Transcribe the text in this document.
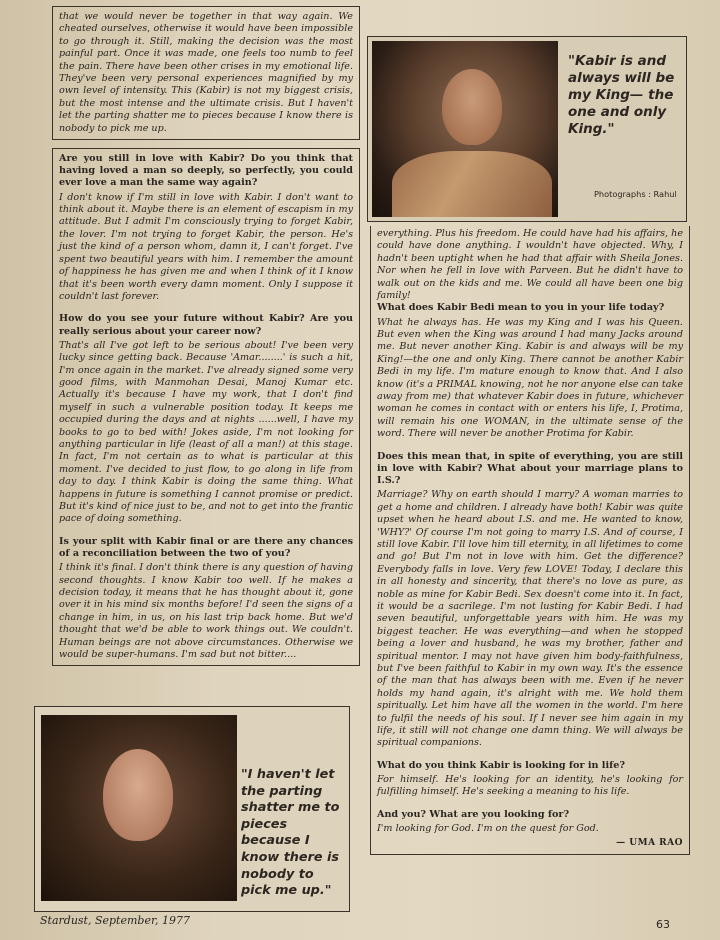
that we would never be together in that way again. We cheated ourselves, otherwise it would have been impossible to go through it. Still, making the decision was the most painful part. Once it was made, one feels too numb to feel the pain. There have been other crises in my emotional life. They've been very personal experiences magnified by my own level of intensity. This (Kabir) is not my biggest crisis, but the most intense and the ultimate crisis. But I haven't let the parting shatter me to pieces because I know there is nobody to pick me up.

Are you still in love with Kabir? Do you think that having loved a man so deeply, so perfectly, you could ever love a man the same way again?

I don't know if I'm still in love with Kabir. I don't want to think about it. Maybe there is an element of escapism in my attitude. But I admit I'm consciously trying to forget Kabir, the lover. I'm not trying to forget Kabir, the person. He's just the kind of a person whom, damn it, I can't forget. I've spent two beautiful years with him. I remember the amount of happiness he has given me and when I think of it I know that it's been worth every damn moment. Only I suppose it couldn't last forever.

How do you see your future without Kabir? Are you really serious about your career now?

That's all I've got left to be serious about! I've been very lucky since getting back. Because 'Amar........' is such a hit, I'm once again in the market. I've already signed some very good films, with Manmohan Desai, Manoj Kumar etc. Actually it's because I have my work, that I don't find myself in such a vulnerable position today. It keeps me occupied during the days and at nights ......well, I have my books to go to bed with! Jokes aside, I'm not looking for anything particular in life (least of all a man!) at this stage. In fact, I'm not certain as to what is particular at this moment. I've decided to just flow, to go along in life from day to day. I think Kabir is doing the same thing. What happens in future is something I cannot promise or predict. But it's kind of nice just to be, and not to get into the frantic pace of doing something.

Is your split with Kabir final or are there any chances of a reconciliation between the two of you?

I think it's final. I don't think there is any question of having second thoughts. I know Kabir too well. If he makes a decision today, it means that he has thought about it, gone over it in his mind six months before! I'd seen the signs of a change in him, in us, on his last trip back home. But we'd thought that we'd be able to work things out. We couldn't. Human beings are not above circumstances. Otherwise we would be super-humans. I'm sad but not bitter....

"Kabir is and always will be my King— the one and only King."
Photographs : Rahul

everything. Plus his freedom. He could have had his affairs, he could have done anything. I wouldn't have objected. Why, I hadn't been uptight when he had that affair with Sheila Jones. Nor when he fell in love with Parveen. But he didn't have to walk out on the kids and me. We could all have been one big family!

What does Kabir Bedi mean to you in your life today?

What he always has. He was my King and I was his Queen. But even when the King was around I had many Jacks around me. But never another King. Kabir is and always will be my King!—the one and only King. There cannot be another Kabir Bedi in my life. I'm mature enough to know that. And I also know (it's a PRIMAL knowing, not he nor anyone else can take away from me) that whatever Kabir does in future, whichever woman he comes in contact with or enters his life, I, Protima, will remain his one WOMAN, in the ultimate sense of the word. There will never be another Protima for Kabir.

Does this mean that, in spite of everything, you are still in love with Kabir? What about your marriage plans to I.S.?

Marriage? Why on earth should I marry? A woman marries to get a home and children. I already have both! Kabir was quite upset when he heard about I.S. and me. He wanted to know, 'WHY?' Of course I'm not going to marry I.S. And of course, I still love Kabir. I'll love him till eternity, in all lifetimes to come and go! But I'm not in love with him. Get the difference? Everybody falls in love. Very few LOVE! Today, I declare this in all honesty and sincerity, that there's no love as pure, as noble as mine for Kabir Bedi. Sex doesn't come into it. In fact, it would be a sacrilege. I'm not lusting for Kabir Bedi. I had seven beautiful, unforgettable years with him. He was my biggest teacher. He was everything—and when he stopped being a lover and husband, he was my brother, father and spiritual mentor. I may not have given him body-faithfulness, but I've been faithful to Kabir in my own way. It's the essence of the man that has always been with me. Even if he never holds my hand again, it's alright with me. We hold them spiritually. Let him have all the women in the world. I'm here to fulfil the needs of his soul. If I never see him again in my life, it still will not change one damn thing. We will always be spiritual companions.

What do you think Kabir is looking for in life?

For himself. He's looking for an identity, he's looking for fulfilling himself. He's seeking a meaning to his life.

And you? What are you looking for?

I'm looking for God. I'm on the quest for God.

— UMA RAO
"I haven't let the parting shatter me to pieces because I know there is nobody to pick me up."
Stardust, September, 1977	63
